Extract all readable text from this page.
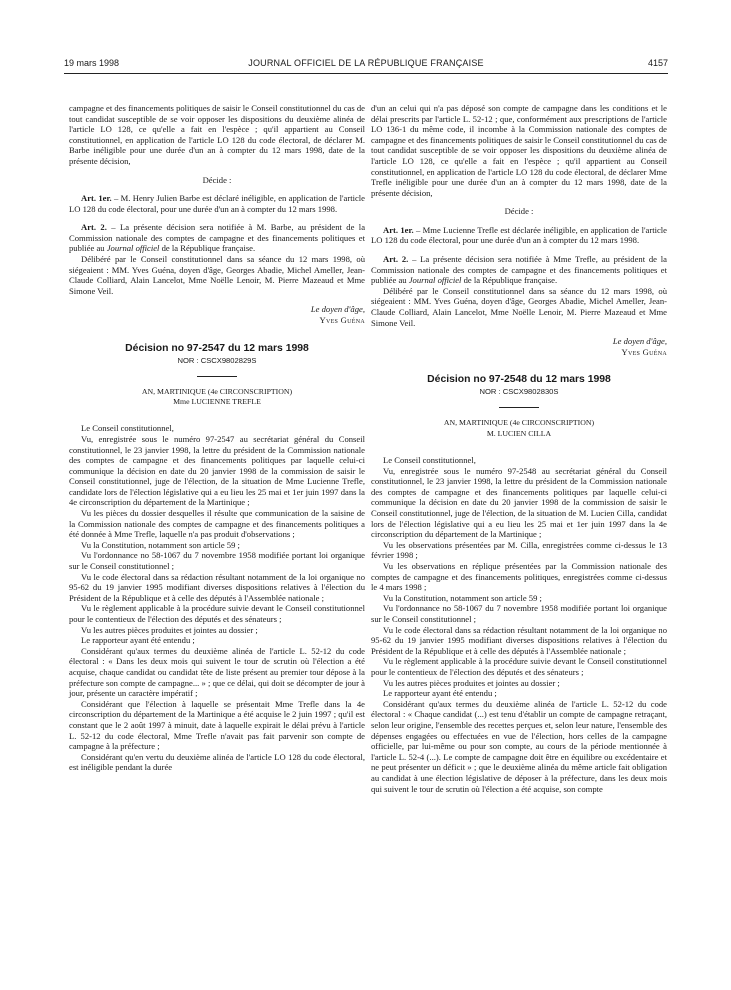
19 mars 1998	JOURNAL OFFICIEL DE LA RÉPUBLIQUE FRANÇAISE	4157

campagne et des financements politiques de saisir le Conseil constitutionnel du cas de tout candidat susceptible de se voir opposer les dispositions du deuxième alinéa de l'article LO 128, ce qu'elle a fait en l'espèce ; qu'il appartient au Conseil constitutionnel, en application de l'article LO 128 du code électoral, de déclarer M. Barbe inéligible pour une durée d'un an à compter du 12 mars 1998, date de la présente décision,

Décide :

Art. 1er. – M. Henry Julien Barbe est déclaré inéligible, en application de l'article LO 128 du code électoral, pour une durée d'un an à compter du 12 mars 1998.

Art. 2. – La présente décision sera notifiée à M. Barbe, au président de la Commission nationale des comptes de campagne et des financements politiques et publiée au Journal officiel de la République française.

Délibéré par le Conseil constitutionnel dans sa séance du 12 mars 1998, où siégeaient : MM. Yves Guéna, doyen d'âge, Georges Abadie, Michel Ameller, Jean-Claude Colliard, Alain Lancelot, Mme Noëlle Lenoir, M. Pierre Mazeaud et Mme Simone Veil.

Le doyen d'âge,

Yves Guéna

Décision no 97-2547 du 12 mars 1998
NOR : CSCX9802829S

AN, MARTINIQUE (4e CIRCONSCRIPTION)

Mme LUCIENNE TREFLE

Le Conseil constitutionnel,

Vu, enregistrée sous le numéro 97-2547 au secrétariat général du Conseil constitutionnel, le 23 janvier 1998, la lettre du président de la Commission nationale des comptes de campagne et des financements politiques par laquelle celui-ci communique la décision en date du 20 janvier 1998 de la commission de saisir le Conseil constitutionnel, juge de l'élection, de la situation de Mme Lucienne Trefle, candidate lors de l'élection législative qui a eu lieu les 25 mai et 1er juin 1997 dans la 4e circonscription du département de la Martinique ;

Vu les pièces du dossier desquelles il résulte que communication de la saisine de la Commission nationale des comptes de campagne et des financements politiques a été donnée à Mme Trefle, laquelle n'a pas produit d'observations ;

Vu la Constitution, notamment son article 59 ;

Vu l'ordonnance no 58-1067 du 7 novembre 1958 modifiée portant loi organique sur le Conseil constitutionnel ;

Vu le code électoral dans sa rédaction résultant notamment de la loi organique no 95-62 du 19 janvier 1995 modifiant diverses dispositions relatives à l'élection du Président de la République et à celle des députés à l'Assemblée nationale ;

Vu le règlement applicable à la procédure suivie devant le Conseil constitutionnel pour le contentieux de l'élection des députés et des sénateurs ;

Vu les autres pièces produites et jointes au dossier ;

Le rapporteur ayant été entendu ;

Considérant qu'aux termes du deuxième alinéa de l'article L. 52-12 du code électoral : « Dans les deux mois qui suivent le tour de scrutin où l'élection a été acquise, chaque candidat ou candidat tête de liste présent au premier tour dépose à la préfecture son compte de campagne... » ; que ce délai, qui doit se décompter de jour à jour, présente un caractère impératif ;

Considérant que l'élection à laquelle se présentait Mme Trefle dans la 4e circonscription du département de la Martinique a été acquise le 2 juin 1997 ; qu'il est constant que le 2 août 1997 à minuit, date à laquelle expirait le délai prévu à l'article L. 52-12 du code électoral, Mme Trefle n'avait pas fait parvenir son compte de campagne à la préfecture ;

Considérant qu'en vertu du deuxième alinéa de l'article LO 128 du code électoral, est inéligible pendant la durée

d'un an celui qui n'a pas déposé son compte de campagne dans les conditions et le délai prescrits par l'article L. 52-12 ; que, conformément aux prescriptions de l'article LO 136-1 du même code, il incombe à la Commission nationale des comptes de campagne et des financements politiques de saisir le Conseil constitutionnel du cas de tout candidat susceptible de se voir opposer les dispositions du deuxième alinéa de l'article LO 128, ce qu'elle a fait en l'espèce ; qu'il appartient au Conseil constitutionnel, en application de l'article LO 128 du code électoral, de déclarer Mme Trefle inéligible pour une durée d'un an à compter du 12 mars 1998, date de la présente décision,

Décide :

Art. 1er. – Mme Lucienne Trefle est déclarée inéligible, en application de l'article LO 128 du code électoral, pour une durée d'un an à compter du 12 mars 1998.

Art. 2. – La présente décision sera notifiée à Mme Trefle, au président de la Commission nationale des comptes de campagne et des financements politiques et publiée au Journal officiel de la République française.

Délibéré par le Conseil constitutionnel dans sa séance du 12 mars 1998, où siégeaient : MM. Yves Guéna, doyen d'âge, Georges Abadie, Michel Ameller, Jean-Claude Colliard, Alain Lancelot, Mme Noëlle Lenoir, M. Pierre Mazeaud et Mme Simone Veil.

Le doyen d'âge,

Yves Guéna

Décision no 97-2548 du 12 mars 1998
NOR : CSCX9802830S

AN, MARTINIQUE (4e CIRCONSCRIPTION)

M. LUCIEN CILLA

Le Conseil constitutionnel,

Vu, enregistrée sous le numéro 97-2548 au secrétariat général du Conseil constitutionnel, le 23 janvier 1998, la lettre du président de la Commission nationale des comptes de campagne et des financements politiques par laquelle celui-ci communique la décision en date du 20 janvier 1998 de la commission de saisir le Conseil constitutionnel, juge de l'élection, de la situation de M. Lucien Cilla, candidat lors de l'élection législative qui a eu lieu les 25 mai et 1er juin 1997 dans la 4e circonscription du département de la Martinique ;

Vu les observations présentées par M. Cilla, enregistrées comme ci-dessus le 13 février 1998 ;

Vu les observations en réplique présentées par la Commission nationale des comptes de campagne et des financements politiques, enregistrées comme ci-dessus le 4 mars 1998 ;

Vu la Constitution, notamment son article 59 ;

Vu l'ordonnance no 58-1067 du 7 novembre 1958 modifiée portant loi organique sur le Conseil constitutionnel ;

Vu le code électoral dans sa rédaction résultant notamment de la loi organique no 95-62 du 19 janvier 1995 modifiant diverses dispositions relatives à l'élection du Président de la République et à celle des députés à l'Assemblée nationale ;

Vu le règlement applicable à la procédure suivie devant le Conseil constitutionnel pour le contentieux de l'élection des députés et des sénateurs ;

Vu les autres pièces produites et jointes au dossier ;

Le rapporteur ayant été entendu ;

Considérant qu'aux termes du deuxième alinéa de l'article L. 52-12 du code électoral : « Chaque candidat (...) est tenu d'établir un compte de campagne retraçant, selon leur origine, l'ensemble des recettes perçues et, selon leur nature, l'ensemble des dépenses engagées ou effectuées en vue de l'élection, hors celles de la campagne officielle, par lui-même ou pour son compte, au cours de la période mentionnée à l'article L. 52-4 (...). Le compte de campagne doit être en équilibre ou excédentaire et ne peut présenter un déficit » ; que le deuxième alinéa du même article fait obligation au candidat à une élection législative de déposer à la préfecture, dans les deux mois qui suivent le tour de scrutin où l'élection a été acquise, son compte
